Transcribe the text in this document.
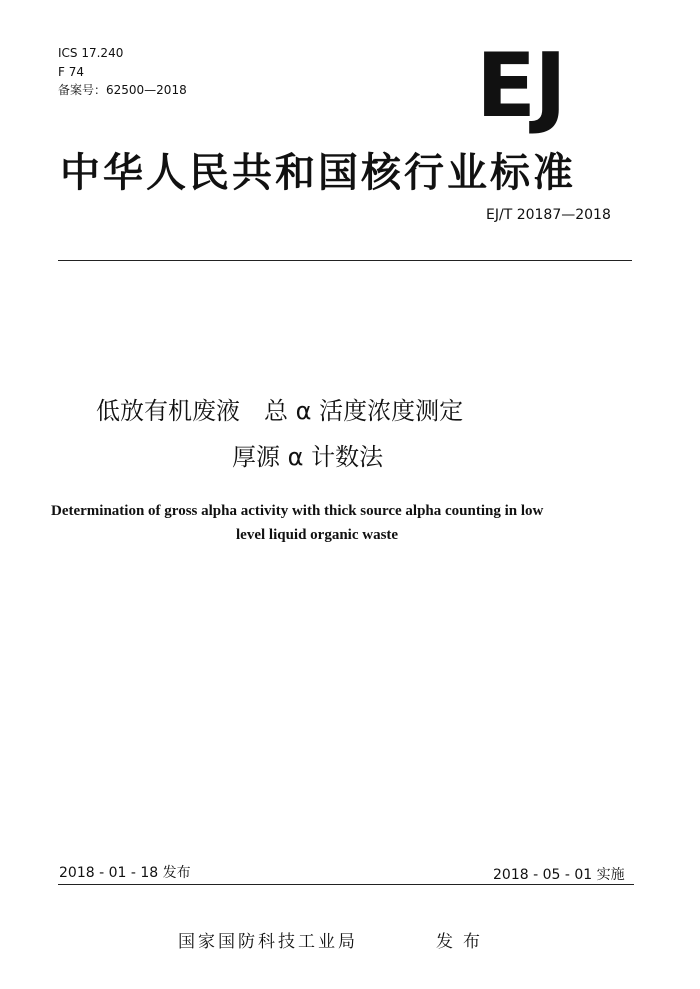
ICS 17.240
F 74
备案号：62500—2018	EJ
中华人民共和国核行业标准
EJ/T 20187—2018
低放有机废液　总 α 活度浓度测定
厚源 α 计数法
Determination of gross alpha activity with thick source alpha counting in low
level liquid organic waste
2018 - 01 - 18 发布	2018 - 05 - 01 实施
国家国防科技工业局	发布
